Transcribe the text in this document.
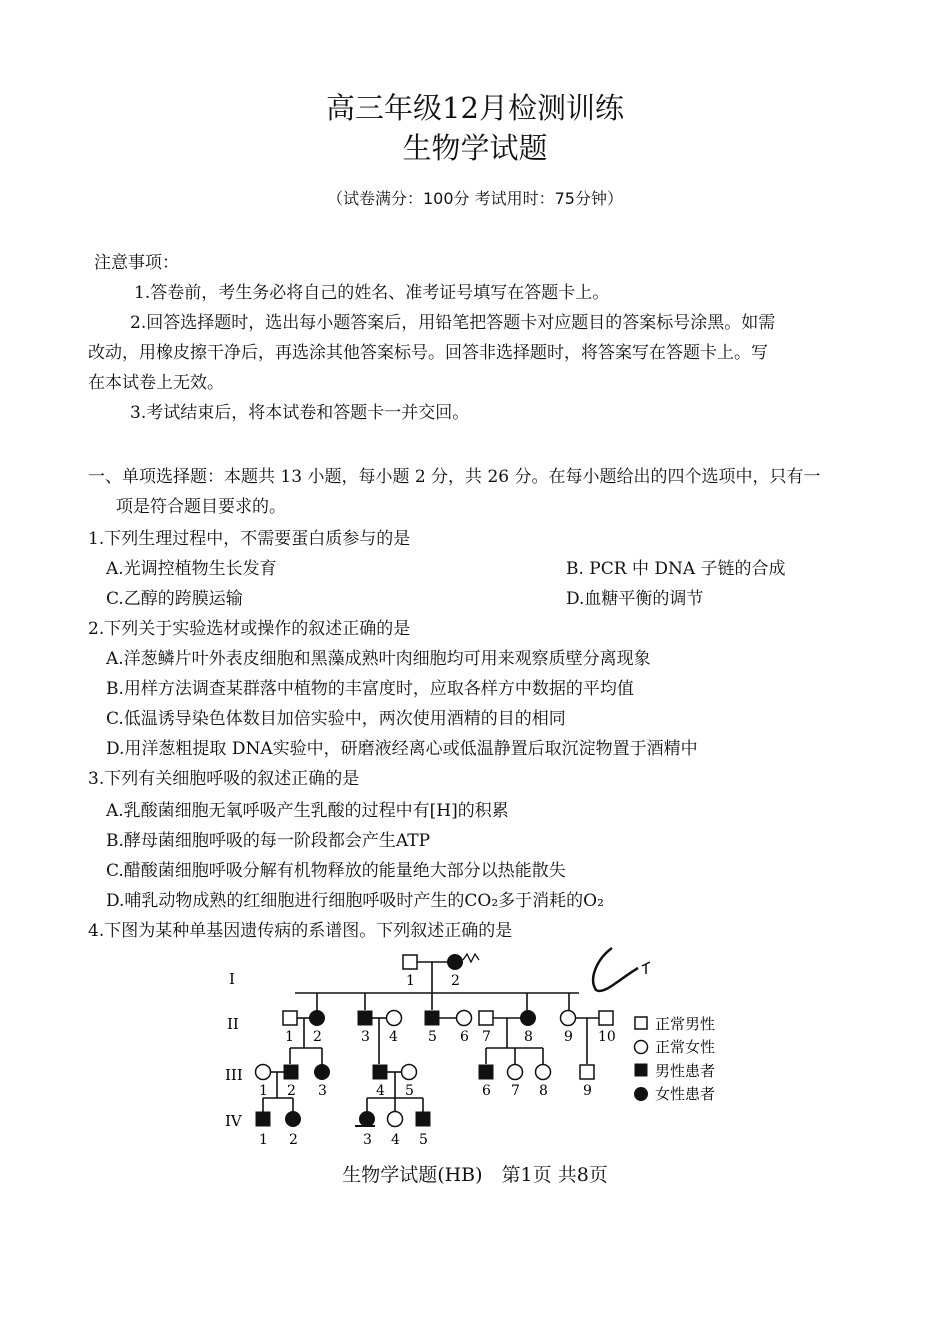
高三年级12月检测训练
生物学试题
（试卷满分：100分 考试用时：75分钟）
注意事项：
1.答卷前，考生务必将自己的姓名、准考证号填写在答题卡上。
2.回答选择题时，选出每小题答案后，用铅笔把答题卡对应题目的答案标号涂黑。如需
改动，用橡皮擦干净后，再选涂其他答案标号。回答非选择题时，将答案写在答题卡上。写
在本试卷上无效。
3.考试结束后，将本试卷和答题卡一并交回。
一、单项选择题：本题共 13 小题，每小题 2 分，共 26 分。在每小题给出的四个选项中，只有一
项是符合题目要求的。
1.下列生理过程中，不需要蛋白质参与的是
A.光调控植物生长发育	B. PCR 中 DNA 子链的合成
C.乙醇的跨膜运输	D.血糖平衡的调节
2.下列关于实验选材或操作的叙述正确的是
A.洋葱鳞片叶外表皮细胞和黑藻成熟叶肉细胞均可用来观察质壁分离现象
B.用样方法调查某群落中植物的丰富度时，应取各样方中数据的平均值
C.低温诱导染色体数目加倍实验中，两次使用酒精的目的相同
D.用洋葱粗提取 DNA实验中，研磨液经离心或低温静置后取沉淀物置于酒精中
3.下列有关细胞呼吸的叙述正确的是
A.乳酸菌细胞无氧呼吸产生乳酸的过程中有[H]的积累
B.酵母菌细胞呼吸的每一阶段都会产生ATP
C.醋酸菌细胞呼吸分解有机物释放的能量绝大部分以热能散失
D.哺乳动物成熟的红细胞进行细胞呼吸时产生的CO₂多于消耗的O₂
4.下图为某种单基因遗传病的系谱图。下列叙述正确的是
I
II
III
IV
1	2
1 2	3 4 5 6 7 8 9 10
1 2 3	4 5	6 7 8	9
1 2	3 4 5
正常男性
正常女性
男性患者
女性患者
生物学试题(HB)　第1页 共8页
